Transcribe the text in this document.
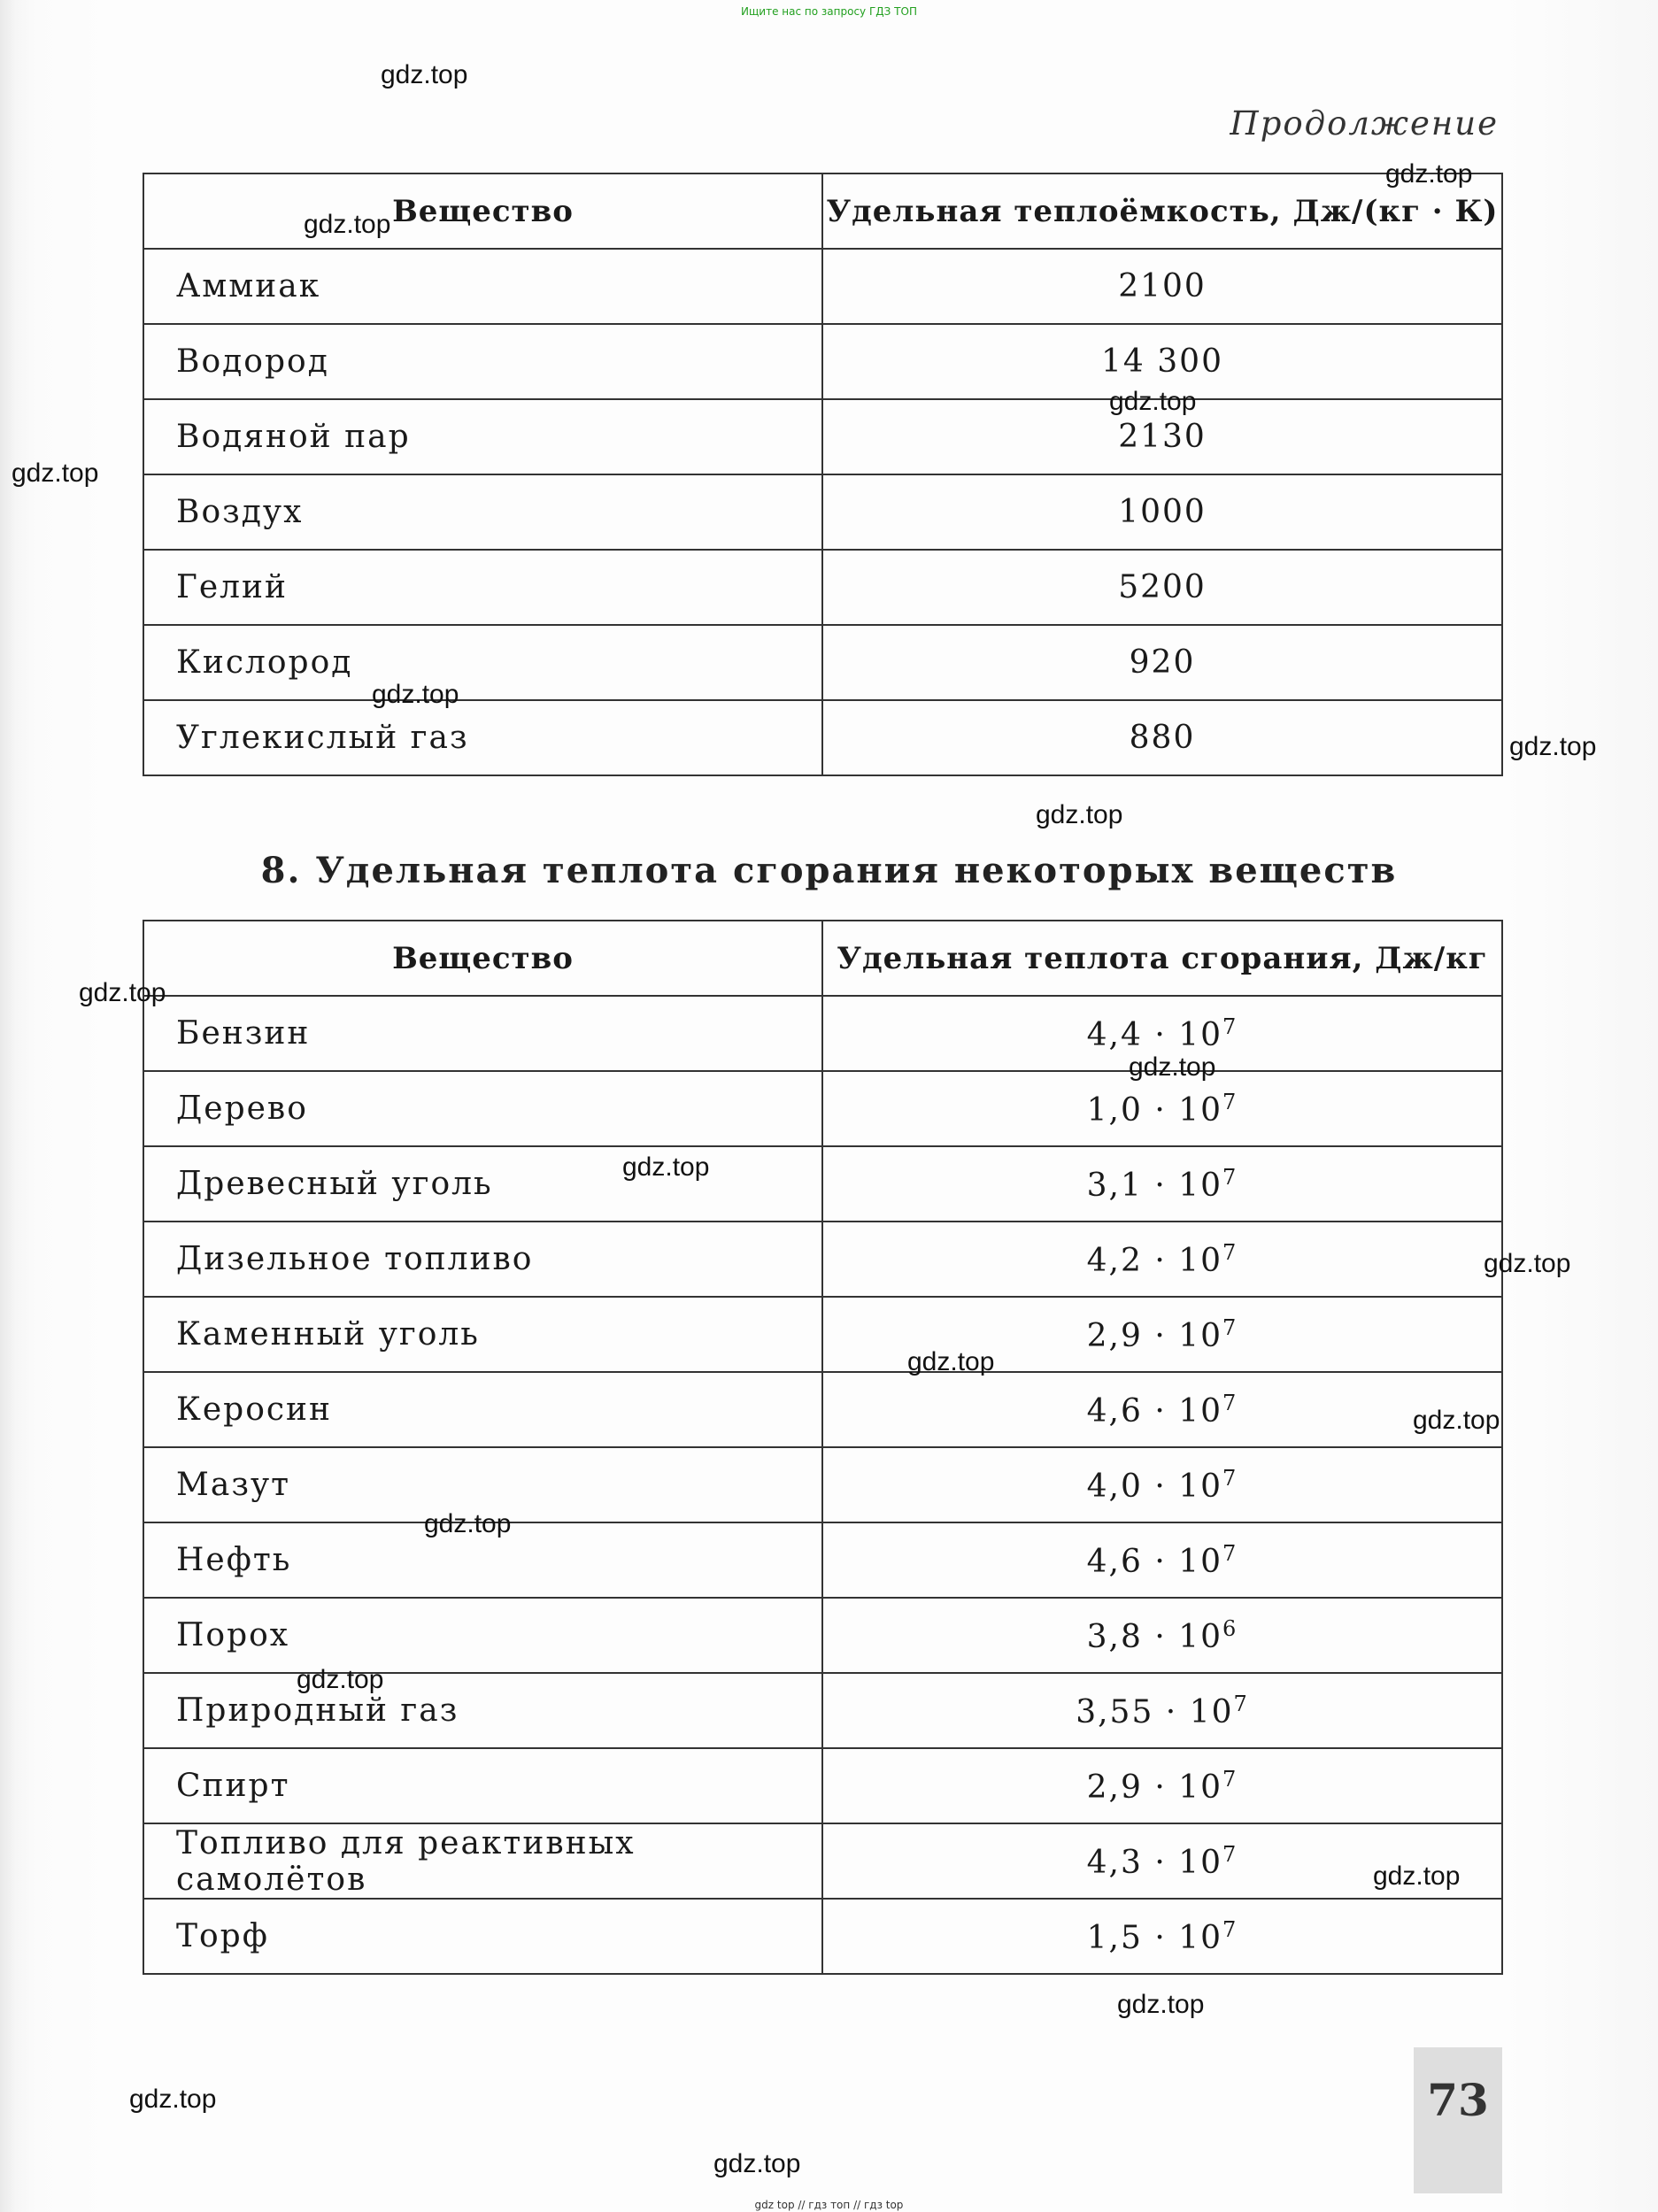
Ищите нас по запросу ГДЗ ТОП
Продолжение
Вещество	Удельная теплоёмкость, Дж/(кг · К)
Аммиак	2100
Водород	14 300
Водяной пар	2130
Воздух	1000
Гелий	5200
Кислород	920
Углекислый газ	880
8. Удельная теплота сгорания некоторых веществ
Вещество	Удельная теплота сгорания, Дж/кг
Бензин	$4,4 \cdot 10^7$
Дерево	$1,0 \cdot 10^7$
Древесный уголь	$3,1 \cdot 10^7$
Дизельное топливо	$4,2 \cdot 10^7$
Каменный уголь	$2,9 \cdot 10^7$
Керосин	$4,6 \cdot 10^7$
Мазут	$4,0 \cdot 10^7$
Нефть	$4,6 \cdot 10^7$
Порох	$3,8 \cdot 10^6$
Природный газ	$3,55 \cdot 10^7$
Спирт	$2,9 \cdot 10^7$
Топливо для реактивных самолётов	$4,3 \cdot 10^7$
Торф	$1,5 \cdot 10^7$
73
gdz.top
gdz.top
gdz.top
gdz.top
gdz.top
gdz.top
gdz.top
gdz.top
gdz.top
gdz.top
gdz.top
gdz.top
gdz.top
gdz.top
gdz.top
gdz.top
gdz.top
gdz.top
gdz.top
gdz.top
gdz top // гдз топ // гдз top
